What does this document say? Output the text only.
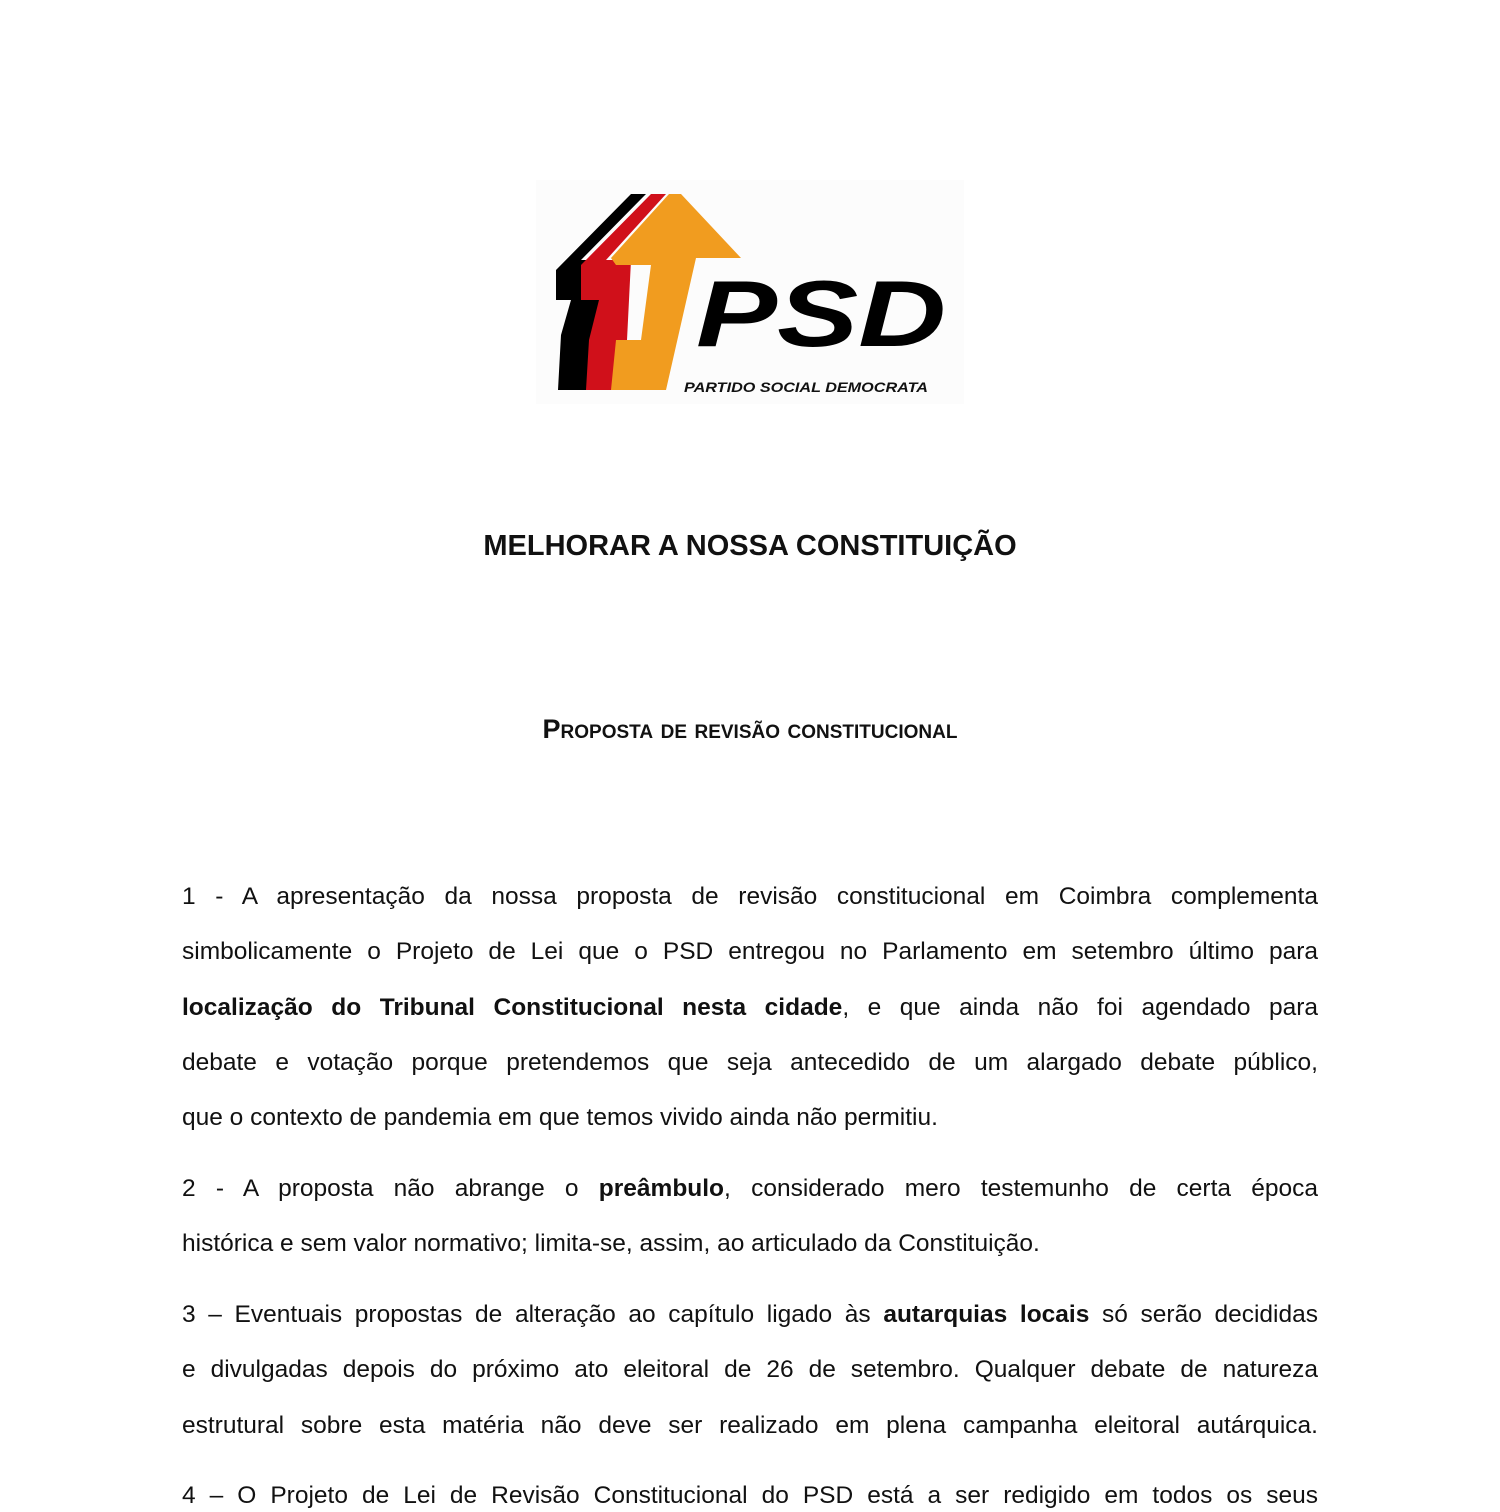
PSD
PARTIDO SOCIAL DEMOCRATA
MELHORAR A NOSSA CONSTITUIÇÃO
Proposta de revisão constitucional
1 - A apresentação da nossa proposta de revisão constitucional em Coimbra complementa
simbolicamente o Projeto de Lei que o PSD entregou no Parlamento em setembro último para
localização do Tribunal Constitucional nesta cidade, e que ainda não foi agendado para
debate e votação porque pretendemos que seja antecedido de um alargado debate público,
que o contexto de pandemia em que temos vivido ainda não permitiu.
2 - A proposta não abrange o preâmbulo, considerado mero testemunho de certa época
histórica e sem valor normativo; limita-se, assim, ao articulado da Constituição.
3 – Eventuais propostas de alteração ao capítulo ligado às autarquias locais só serão decididas
e divulgadas depois do próximo ato eleitoral de 26 de setembro. Qualquer debate de natureza
estrutural sobre esta matéria não deve ser realizado em plena campanha eleitoral autárquica.
4 – O Projeto de Lei de Revisão Constitucional do PSD está a ser redigido em todos os seus
